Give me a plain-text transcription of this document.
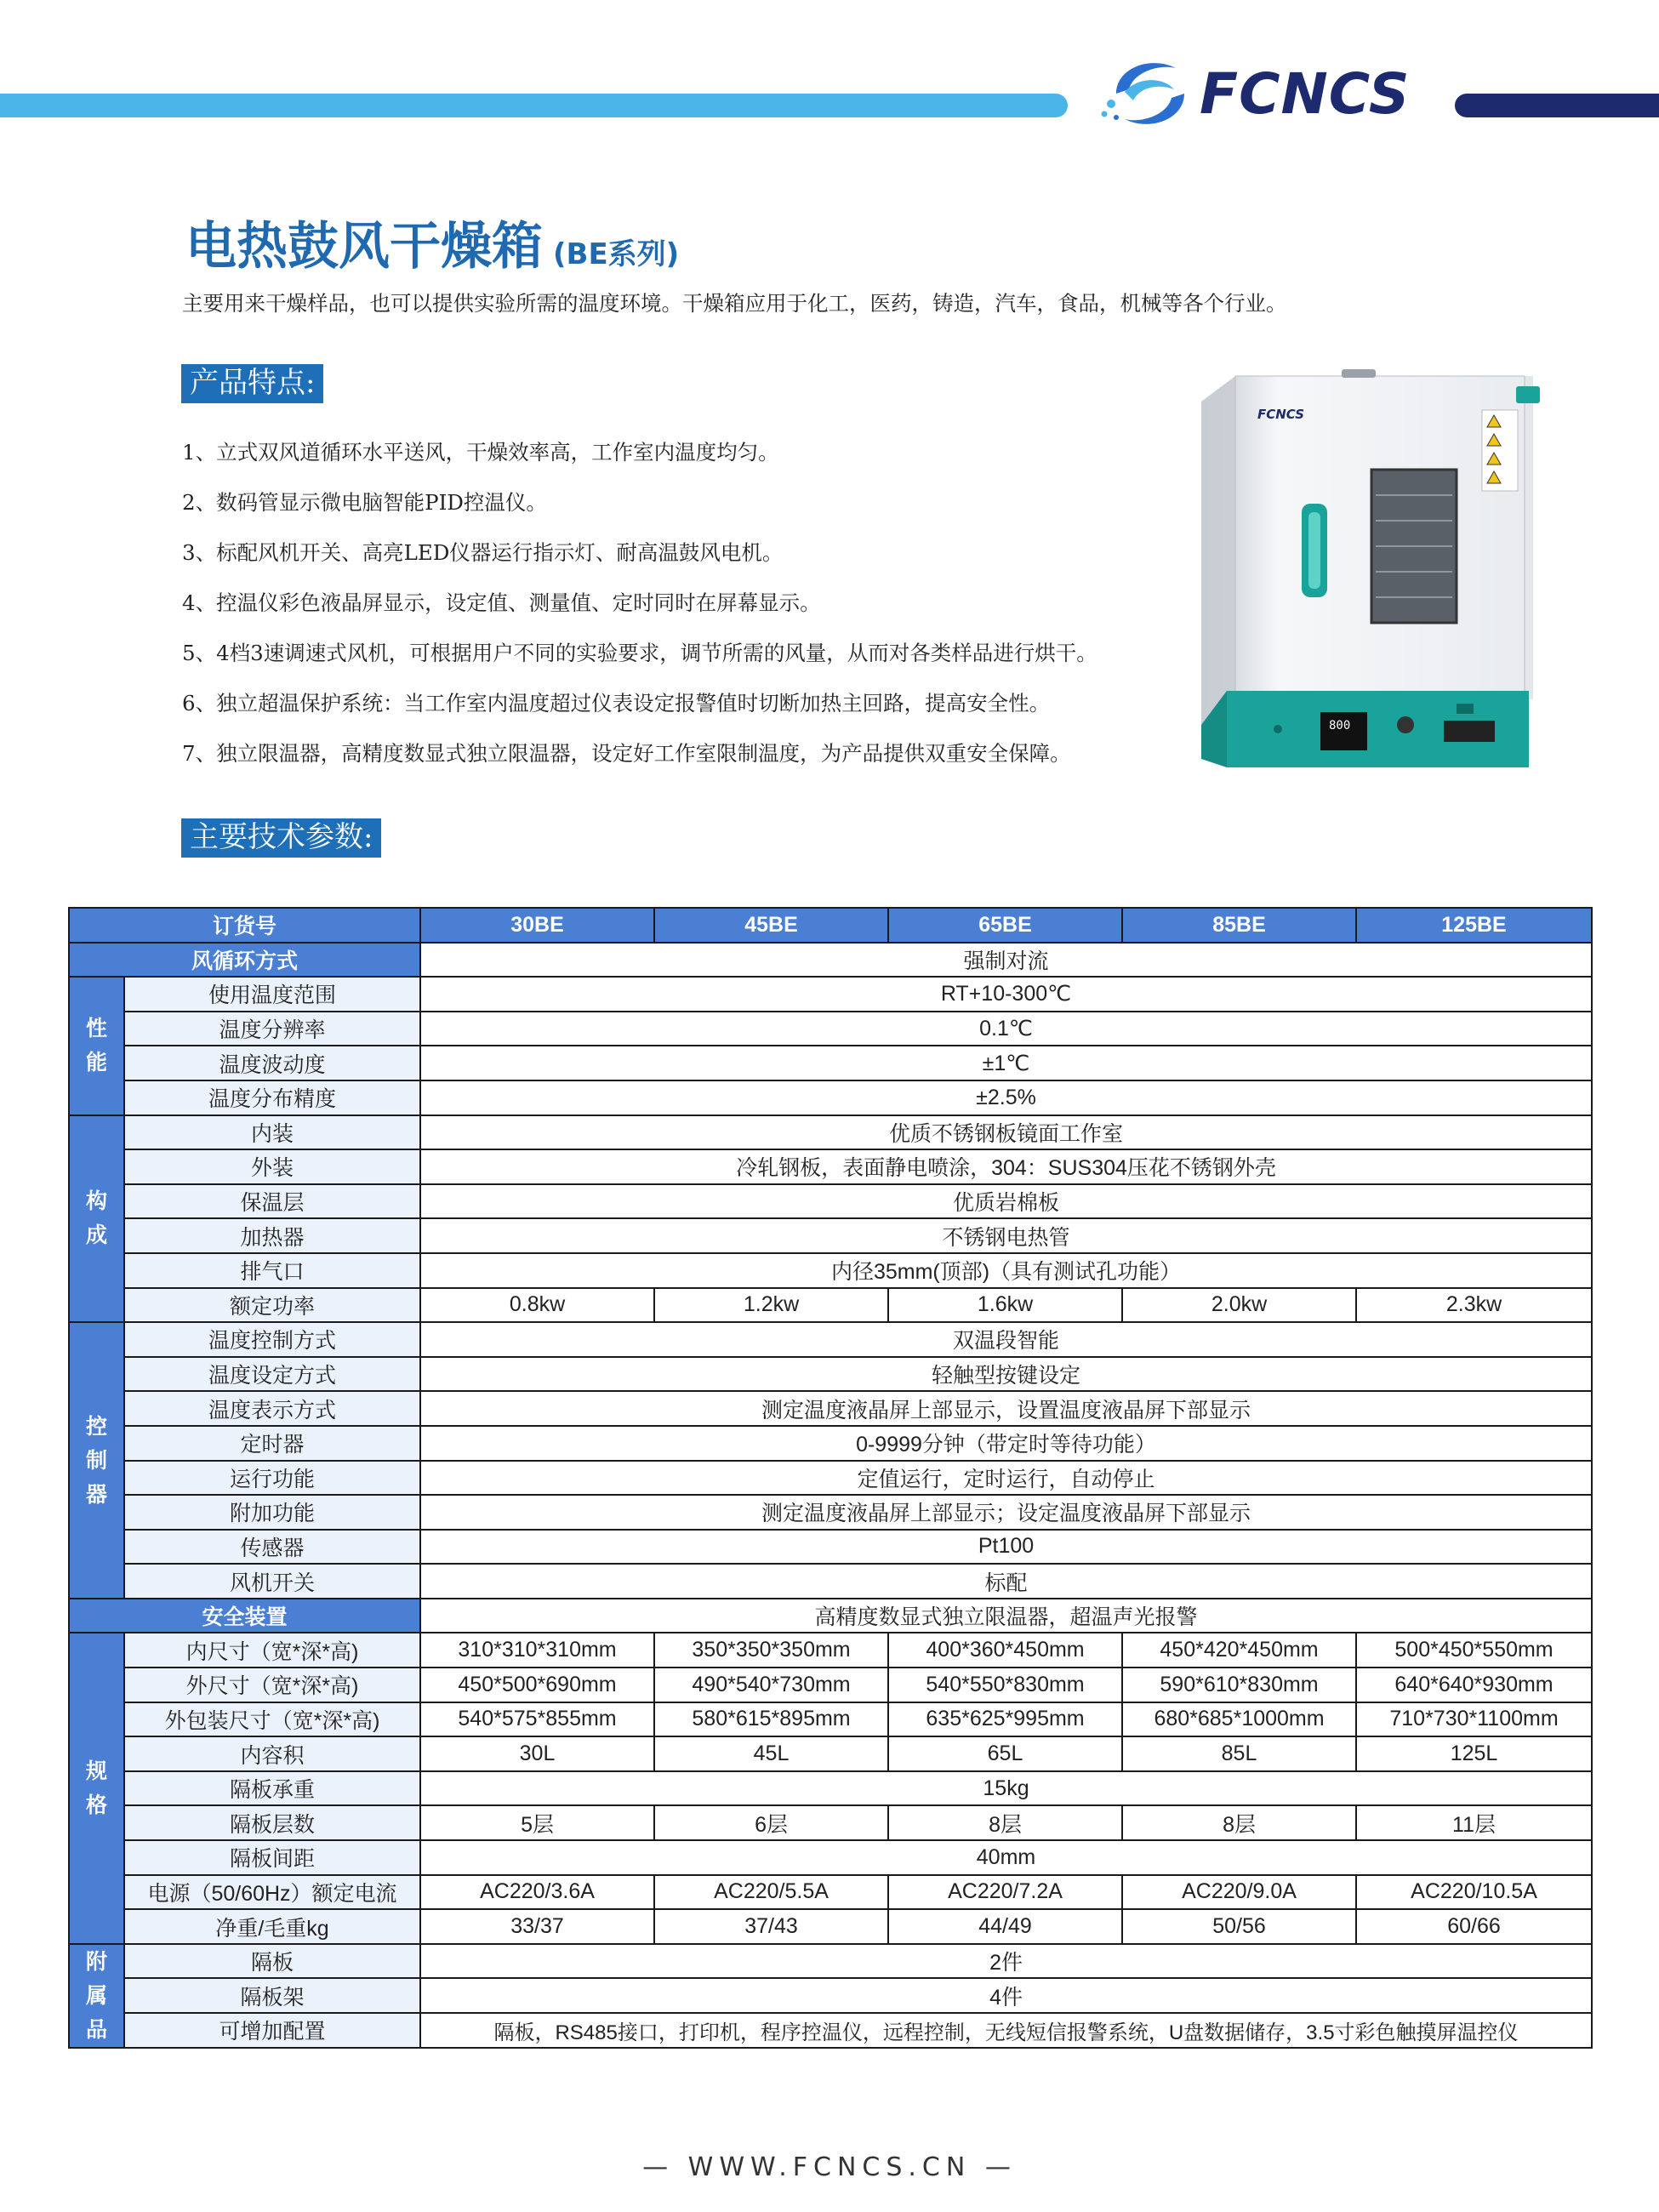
FCNCS
电热鼓风干燥箱 (BE系列)
主要用来干燥样品，也可以提供实验所需的温度环境。干燥箱应用于化工，医药，铸造，汽车，食品，机械等各个行业。
产品特点:
1、立式双风道循环水平送风，干燥效率高，工作室内温度均匀。
2、数码管显示微电脑智能PID控温仪。
3、标配风机开关、高亮LED仪器运行指示灯、耐高温鼓风电机。
4、控温仪彩色液晶屏显示，设定值、测量值、定时同时在屏幕显示。
5、4档3速调速式风机，可根据用户不同的实验要求，调节所需的风量，从而对各类样品进行烘干。
6、独立超温保护系统：当工作室内温度超过仪表设定报警值时切断加热主回路，提高安全性。
7、独立限温器，高精度数显式独立限温器，设定好工作室限制温度，为产品提供双重安全保障。
FCNCS
800
主要技术参数:
订货号		30BE	45BE	65BE	85BE	125BE
风循环方式		强制对流				
性
能	使用温度范围	RT+10-300℃				
	温度分辨率	0.1℃				
	温度波动度	±1℃				
	温度分布精度	±2.5%				
构
成	内装	优质不锈钢板镜面工作室				
	外装	冷轧钢板，表面静电喷涂，304：SUS304压花不锈钢外壳				
	保温层	优质岩棉板				
	加热器	不锈钢电热管				
	排气口	内径35mm(顶部)（具有测试孔功能）				
	额定功率	0.8kw	1.2kw	1.6kw	2.0kw	2.3kw
控
制
器	温度控制方式	双温段智能				
	温度设定方式	轻触型按键设定				
	温度表示方式	测定温度液晶屏上部显示，设置温度液晶屏下部显示				
	定时器	0-9999分钟（带定时等待功能）				
	运行功能	定值运行，定时运行，自动停止				
	附加功能	测定温度液晶屏上部显示；设定温度液晶屏下部显示				
	传感器	Pt100				
	风机开关	标配				
安全装置		高精度数显式独立限温器，超温声光报警				
规
格	内尺寸（宽*深*高)	310*310*310mm	350*350*350mm	400*360*450mm	450*420*450mm	500*450*550mm
	外尺寸（宽*深*高)	450*500*690mm	490*540*730mm	540*550*830mm	590*610*830mm	640*640*930mm
	外包装尺寸（宽*深*高)	540*575*855mm	580*615*895mm	635*625*995mm	680*685*1000mm	710*730*1100mm
	内容积	30L	45L	65L	85L	125L
	隔板承重	15kg				
	隔板层数	5层	6层	8层	8层	11层
	隔板间距	40mm				
	电源（50/60Hz）额定电流	AC220/3.6A	AC220/5.5A	AC220/7.2A	AC220/9.0A	AC220/10.5A
	净重/毛重kg	33/37	37/43	44/49	50/56	60/66
附
属
品	隔板	2件				
	隔板架	4件				
	可增加配置	隔板，RS485接口，打印机，程序控温仪，远程控制，无线短信报警系统，U盘数据储存，3.5寸彩色触摸屏温控仪				
— WWW.FCNCS.CN —
